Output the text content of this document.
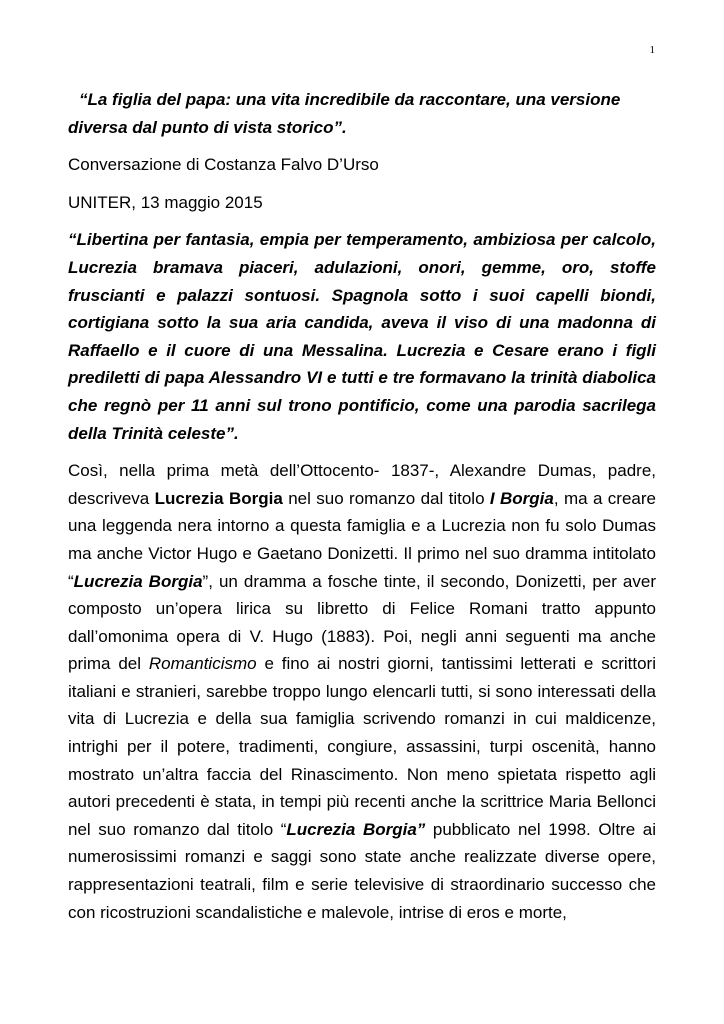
1

“La figlia del papa: una vita incredibile da raccontare, una versione
diversa dal punto di vista storico”.

Conversazione di Costanza Falvo D’Urso

UNITER, 13 maggio 2015

“Libertina per fantasia, empia per temperamento, ambiziosa per calcolo, Lucrezia bramava piaceri, adulazioni, onori, gemme, oro, stoffe fruscianti e palazzi sontuosi. Spagnola sotto i suoi capelli biondi, cortigiana sotto la sua aria candida, aveva il viso di una madonna di Raffaello e il cuore di una Messalina. Lucrezia e Cesare erano i figli prediletti di papa Alessandro VI e tutti e tre formavano la trinità diabolica che regnò per 11 anni sul trono pontificio, come una parodia sacrilega della Trinità celeste”.

Così, nella prima metà dell’Ottocento- 1837-, Alexandre Dumas, padre, descriveva Lucrezia Borgia nel suo romanzo dal titolo I Borgia, ma a creare una leggenda nera intorno a questa famiglia e a Lucrezia non fu solo Dumas ma anche Victor Hugo e Gaetano Donizetti. Il primo nel suo dramma intitolato “Lucrezia Borgia”, un dramma a fosche tinte, il secondo, Donizetti, per aver composto un’opera lirica su libretto di Felice Romani tratto appunto dall’omonima opera di V. Hugo (1883). Poi, negli anni seguenti ma anche prima del Romanticismo e fino ai nostri giorni, tantissimi letterati e scrittori italiani e stranieri, sarebbe troppo lungo elencarli tutti, si sono interessati della vita di Lucrezia e della sua famiglia scrivendo romanzi in cui maldicenze, intrighi per il potere, tradimenti, congiure, assassini, turpi oscenità, hanno mostrato un’altra faccia del Rinascimento. Non meno spietata rispetto agli autori precedenti è stata, in tempi più recenti anche la scrittrice Maria Bellonci nel suo romanzo dal titolo “Lucrezia Borgia” pubblicato nel 1998. Oltre ai numerosissimi romanzi e saggi sono state anche realizzate diverse opere, rappresentazioni teatrali, film e serie televisive di straordinario successo che con ricostruzioni scandalistiche e malevole, intrise di eros e morte,
